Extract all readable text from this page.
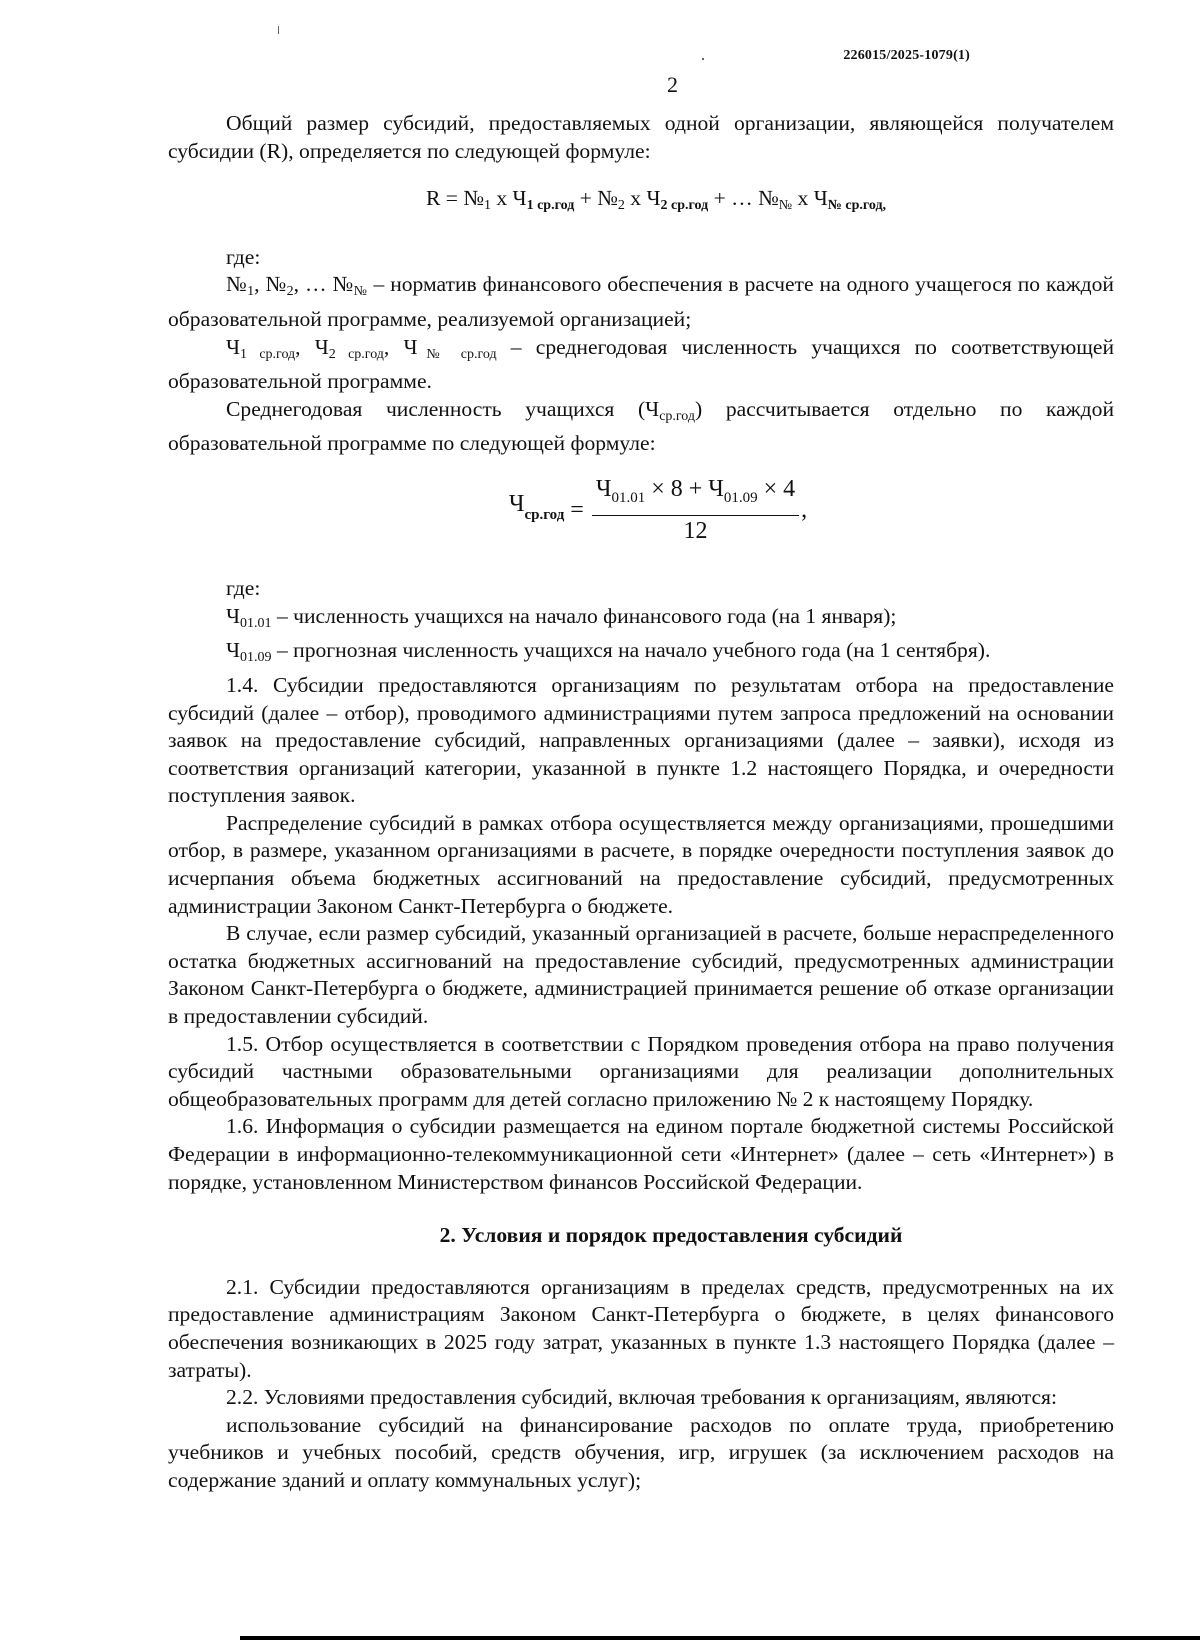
226015/2025-1079(1)
2

Общий размер субсидий, предоставляемых одной организации, являющейся получателем субсидии (R), определяется по следующей формуле:

R = №1 х $Ч_{1 ср.год}$ + №2 х $Ч_{2 ср.год}$ + … №№ х $Ч_{№ ср.год,}$

где:

№1, №2, … №№ – норматив финансового обеспечения в расчете на одного учащегося по каждой образовательной программе, реализуемой организацией;

Ч1 ср.год, Ч2 ср.год, Ч№ ср.год – среднегодовая численность учащихся по соответствующей образовательной программе.

Среднегодовая численность учащихся (Чср.год) рассчитывается отдельно по каждой образовательной программе по следующей формуле:

$Ч_{ср.год} = \frac{Ч_{01.01} \times 8 + Ч_{01.09} \times 4}{12}$ ,

где:

Ч01.01 – численность учащихся на начало финансового года (на 1 января);

Ч01.09 – прогнозная численность учащихся на начало учебного года (на 1 сентября).

1.4. Субсидии предоставляются организациям по результатам отбора на предоставление субсидий (далее – отбор), проводимого администрациями путем запроса предложений на основании заявок на предоставление субсидий, направленных организациями (далее – заявки), исходя из соответствия организаций категории, указанной в пункте 1.2 настоящего Порядка, и очередности поступления заявок.

Распределение субсидий в рамках отбора осуществляется между организациями, прошедшими отбор, в размере, указанном организациями в расчете, в порядке очередности поступления заявок до исчерпания объема бюджетных ассигнований на предоставление субсидий, предусмотренных администрации Законом Санкт-Петербурга о бюджете.

В случае, если размер субсидий, указанный организацией в расчете, больше нераспределенного остатка бюджетных ассигнований на предоставление субсидий, предусмотренных администрации Законом Санкт-Петербурга о бюджете, администрацией принимается решение об отказе организации в предоставлении субсидий.

1.5. Отбор осуществляется в соответствии с Порядком проведения отбора на право получения субсидий частными образовательными организациями для реализации дополнительных общеобразовательных программ для детей согласно приложению № 2 к настоящему Порядку.

1.6. Информация о субсидии размещается на едином портале бюджетной системы Российской Федерации в информационно-телекоммуникационной сети «Интернет» (далее – сеть «Интернет») в порядке, установленном Министерством финансов Российской Федерации.

2. Условия и порядок предоставления субсидий

2.1. Субсидии предоставляются организациям в пределах средств, предусмотренных на их предоставление администрациям Законом Санкт-Петербурга о бюджете, в целях финансового обеспечения возникающих в 2025 году затрат, указанных в пункте 1.3 настоящего Порядка (далее – затраты).

2.2. Условиями предоставления субсидий, включая требования к организациям, являются:

использование субсидий на финансирование расходов по оплате труда, приобретению учебников и учебных пособий, средств обучения, игр, игрушек (за исключением расходов на содержание зданий и оплату коммунальных услуг);
